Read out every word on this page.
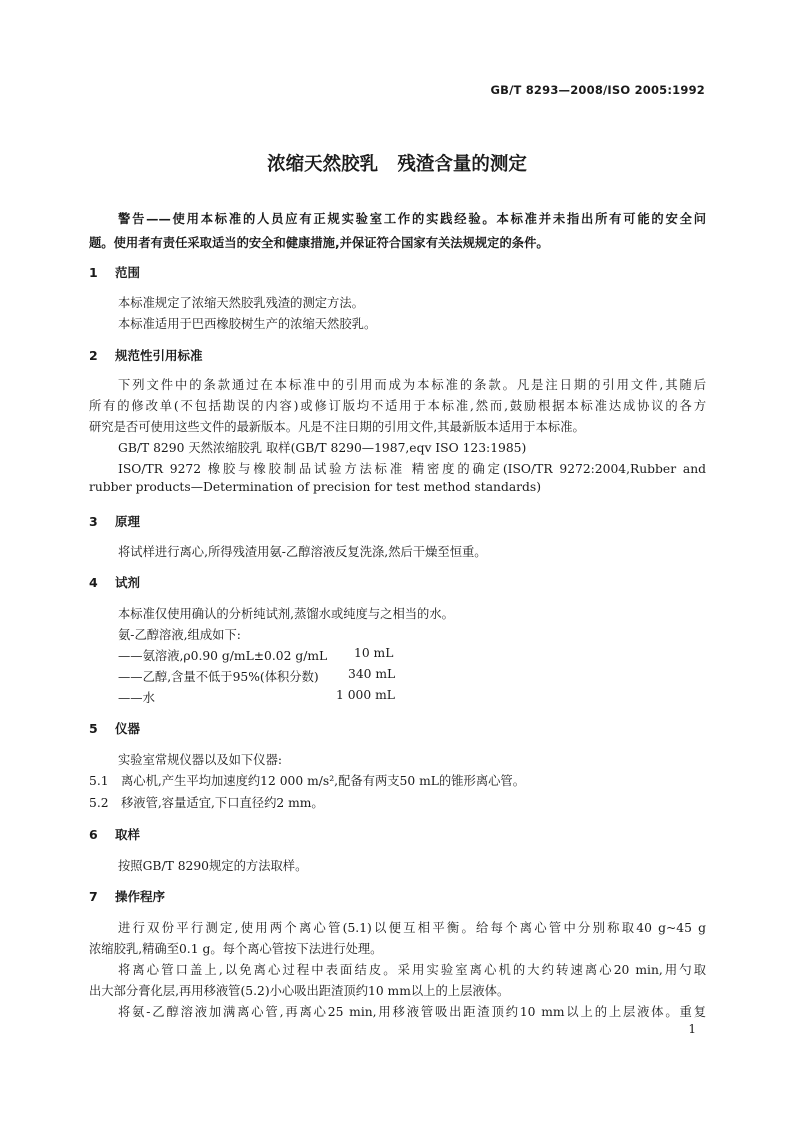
GB/T 8293—2008/ISO 2005:1992
浓缩天然胶乳   残渣含量的测定
警告——使用本标准的人员应有正规实验室工作的实践经验。本标准并未指出所有可能的安全问
题。使用者有责任采取适当的安全和健康措施,并保证符合国家有关法规规定的条件。
1 范围
本标准规定了浓缩天然胶乳残渣的测定方法。
本标准适用于巴西橡胶树生产的浓缩天然胶乳。
2 规范性引用标准
下列文件中的条款通过在本标准中的引用而成为本标准的条款。凡是注日期的引用文件,其随后
所有的修改单(不包括勘误的内容)或修订版均不适用于本标准,然而,鼓励根据本标准达成协议的各方
研究是否可使用这些文件的最新版本。凡是不注日期的引用文件,其最新版本适用于本标准。
GB/T 8290 天然浓缩胶乳 取样(GB/T 8290—1987,eqv ISO 123:1985)
ISO/TR 9272 橡胶与橡胶制品试验方法标准 精密度的确定(ISO/TR 9272:2004,Rubber and
rubber products—Determination of precision for test method standards)
3 原理
将试样进行离心,所得残渣用氨-乙醇溶液反复洗涤,然后干燥至恒重。
4 试剂
本标准仅使用确认的分析纯试剂,蒸馏水或纯度与之相当的水。
氨-乙醇溶液,组成如下:
——氨溶液,ρ0.90 g/mL±0.02 g/mL 10 mL
——乙醇,含量不低于95%(体积分数) 340 mL
——水	1 000 mL
5 仪器
实验室常规仪器以及如下仪器:
5.1 离心机,产生平均加速度约12 000 m/s²,配备有两支50 mL的锥形离心管。
5.2 移液管,容量适宜,下口直径约2 mm。
6 取样
按照GB/T 8290规定的方法取样。
7 操作程序
进行双份平行测定,使用两个离心管(5.1)以便互相平衡。给每个离心管中分别称取40 g~45 g
浓缩胶乳,精确至0.1 g。每个离心管按下法进行处理。
将离心管口盖上,以免离心过程中表面结皮。采用实验室离心机的大约转速离心20 min,用勺取
出大部分膏化层,再用移液管(5.2)小心吸出距渣顶约10 mm以上的上层液体。
将氨-乙醇溶液加满离心管,再离心25 min,用移液管吸出距渣顶约10 mm以上的上层液体。重复
1
